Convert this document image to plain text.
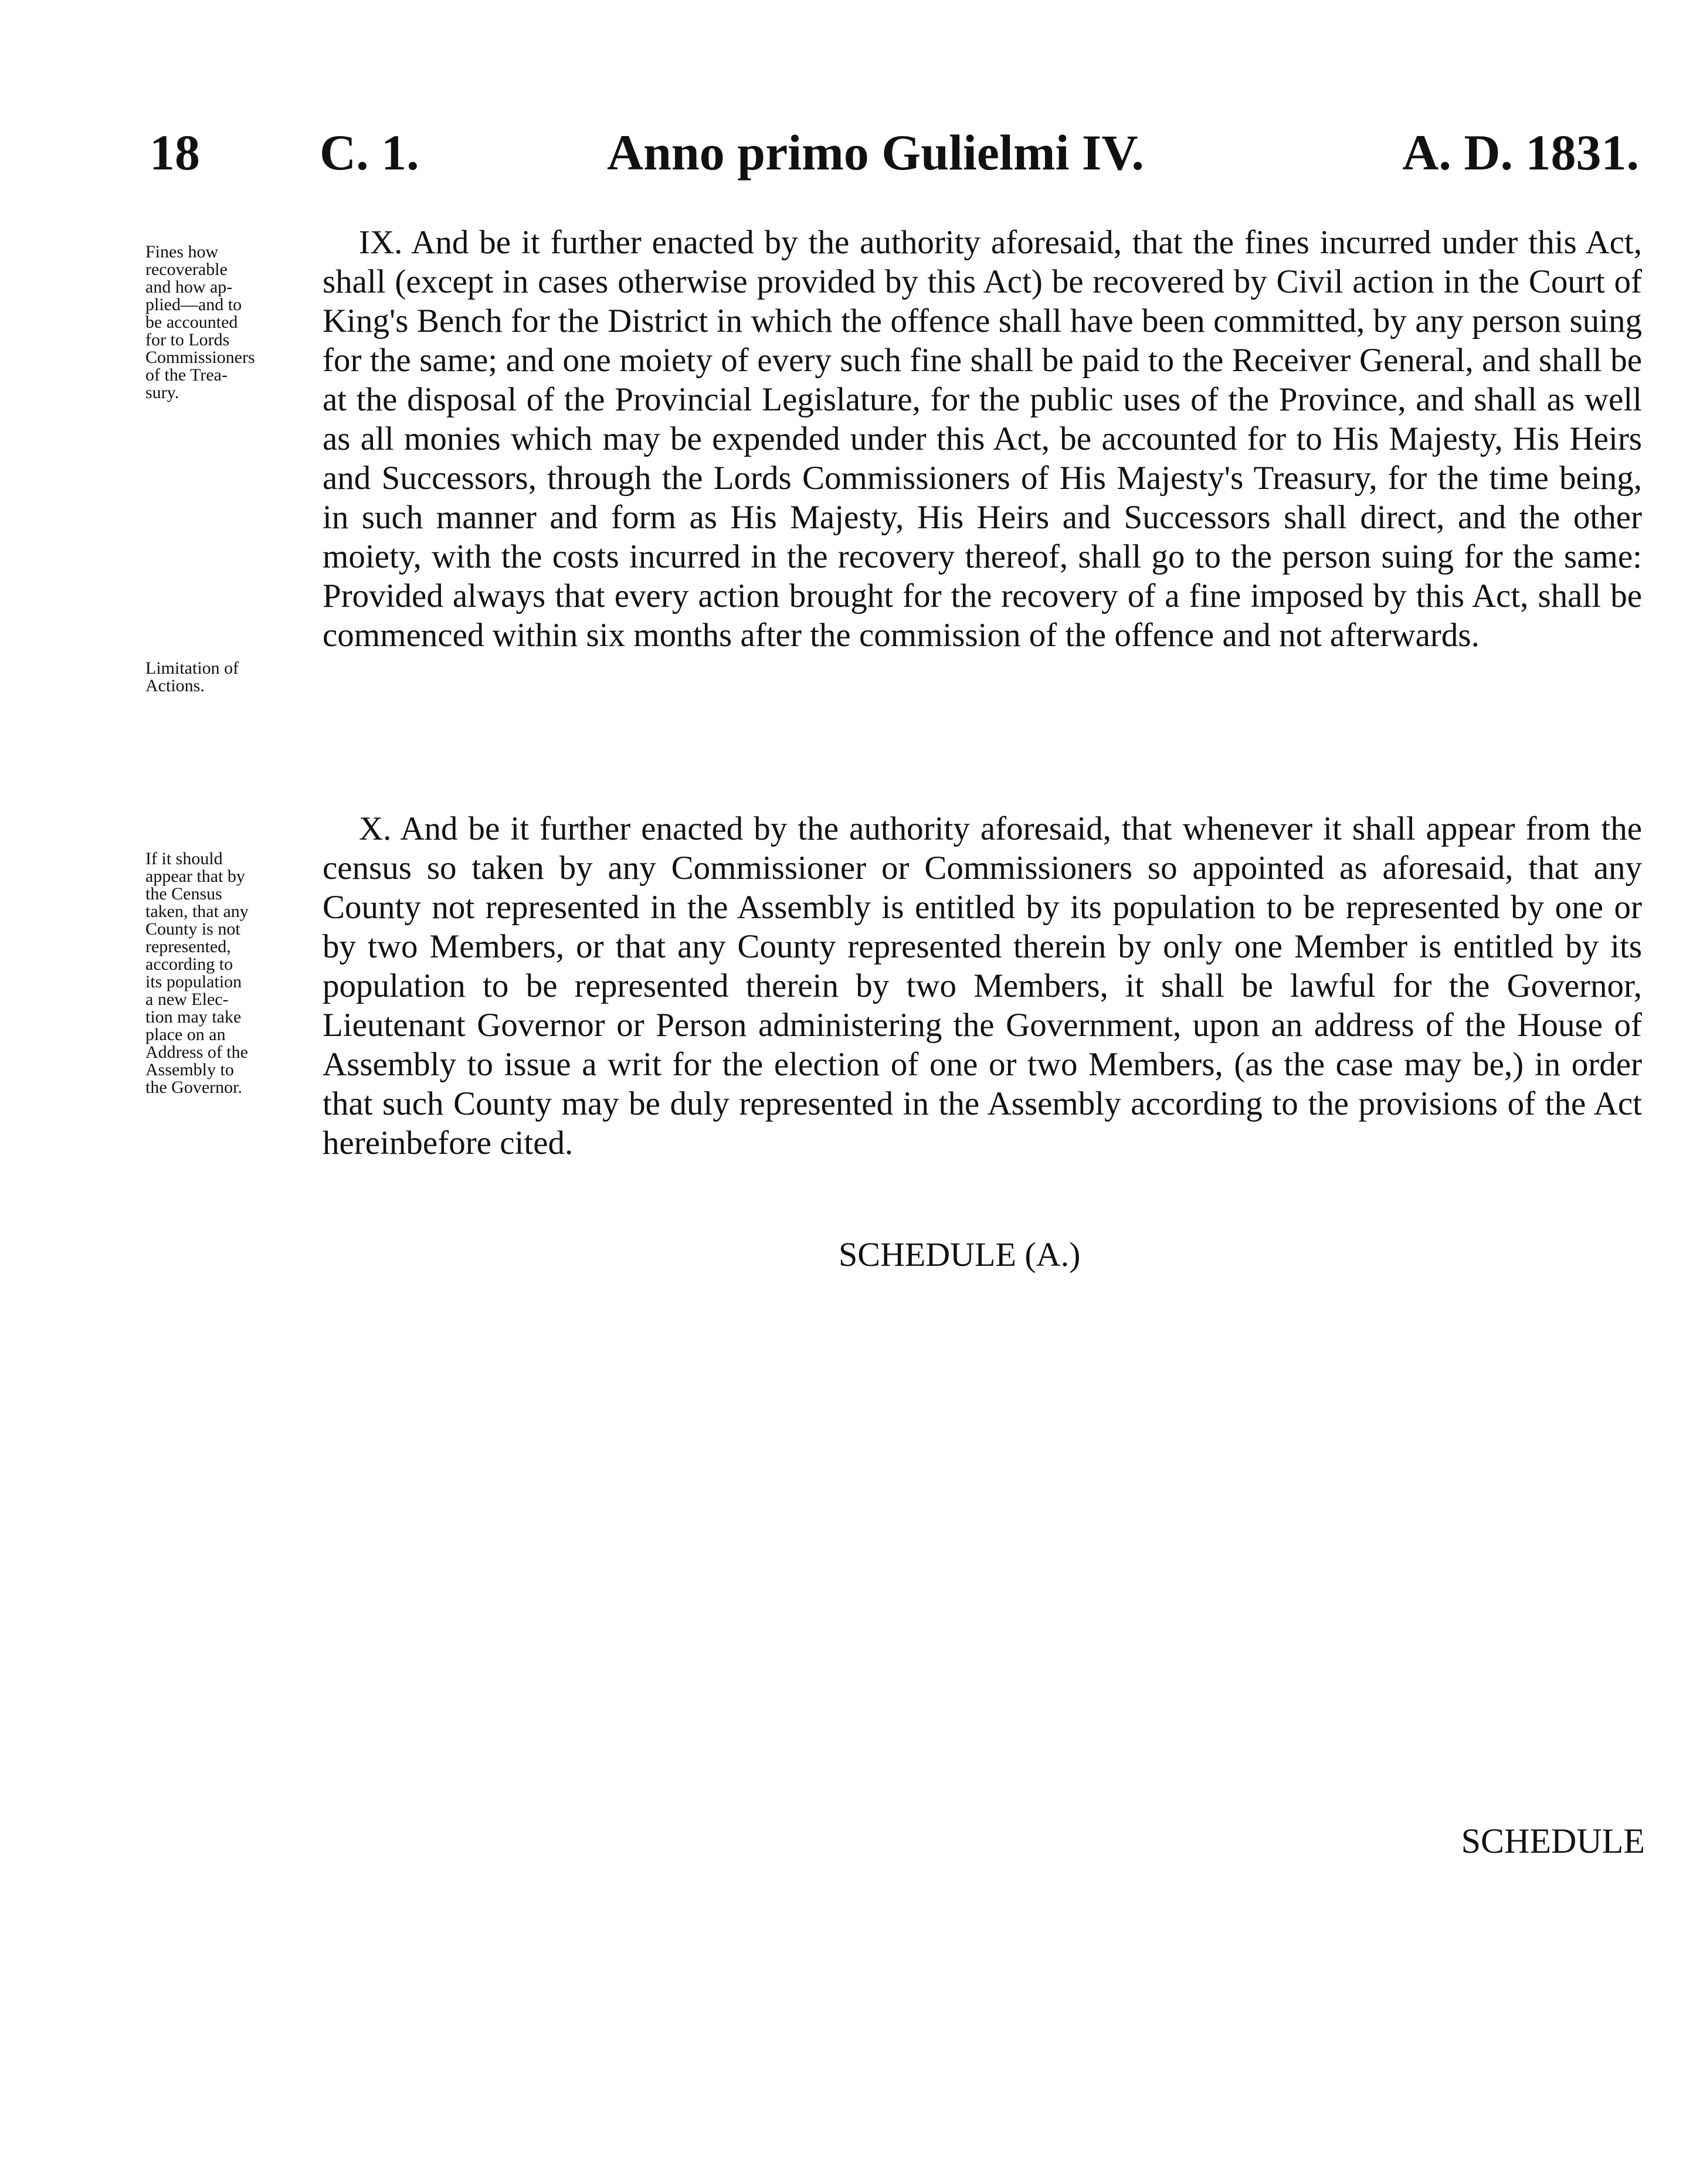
18 C. 1.	Anno primo Gulielmi IV.	A. D. 1831.
Fines how
recoverable
and how ap-
plied—and to
be accounted
for to Lords
Commissioners
of the Trea-
sury.
Limitation of
Actions.
If it should
appear that by
the Census
taken, that any
County is not
represented,
according to
its population
a new Elec-
tion may take
place on an
Address of the
Assembly to
the Governor.

IX. And be it further enacted by the authority aforesaid, that the fines incurred under this Act, shall (except in cases otherwise provided by this Act) be recovered by Civil action in the Court of King's Bench for the District in which the offence shall have been committed, by any person suing for the same; and one moiety of every such fine shall be paid to the Receiver General, and shall be at the disposal of the Provincial Legislature, for the public uses of the Province, and shall as well as all monies which may be expended under this Act, be accounted for to His Majesty, His Heirs and Successors, through the Lords Commissioners of His Majesty's Treasury, for the time being, in such manner and form as His Majesty, His Heirs and Successors shall direct, and the other moiety, with the costs incurred in the recovery thereof, shall go to the person suing for the same: Provided always that every action brought for the recovery of a fine imposed by this Act, shall be commenced within six months after the commission of the offence and not afterwards.

X. And be it further enacted by the authority aforesaid, that whenever it shall appear from the census so taken by any Commissioner or Commissioners so appointed as aforesaid, that any County not represented in the Assembly is entitled by its population to be represented by one or by two Members, or that any County represented therein by only one Member is entitled by its population to be represented therein by two Members, it shall be lawful for the Governor, Lieutenant Governor or Person administering the Government, upon an address of the House of Assembly to issue a writ for the election of one or two Members, (as the case may be,) in order that such County may be duly represented in the Assembly according to the provisions of the Act hereinbefore cited.

SCHEDULE (A.)
SCHEDULE
